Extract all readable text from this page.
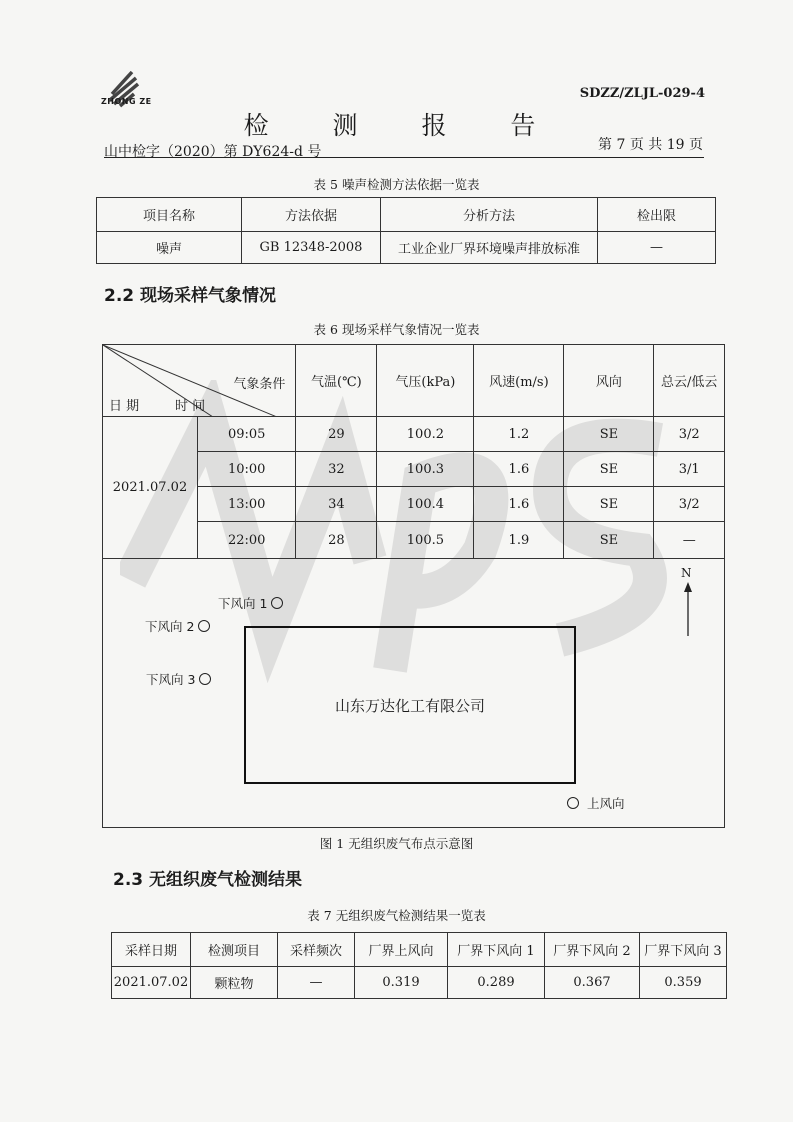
ZHONG ZE
SDZZ/ZLJL-029-4
检 测 报 告
山中检字（2020）第 DY624-d 号	第 7 页 共 19 页
表 5 噪声检测方法依据一览表
项目名称	方法依据	分析方法	检出限
噪声	GB 12348-2008	工业企业厂界环境噪声排放标准	—
2.2 现场采样气象情况
表 6 现场采样气象情况一览表
气象条件
日 期 时 间		气温(℃)	气压(kPa)	风速(m/s)	风向	总云/低云
2021.07.02	09:05	29	100.2	1.2	SE	3/2
	10:00	32	100.3	1.6	SE	3/1
	13:00	34	100.4	1.6	SE	3/2
	22:00	28	100.5	1.9	SE	—
N
下风向 1
下风向 2
下风向 3
山东万达化工有限公司
上风向
图 1 无组织废气布点示意图
2.3 无组织废气检测结果
表 7 无组织废气检测结果一览表
采样日期	检测项目	采样频次	厂界上风向	厂界下风向 1	厂界下风向 2	厂界下风向 3
2021.07.02	颗粒物	—	0.319	0.289	0.367	0.359
